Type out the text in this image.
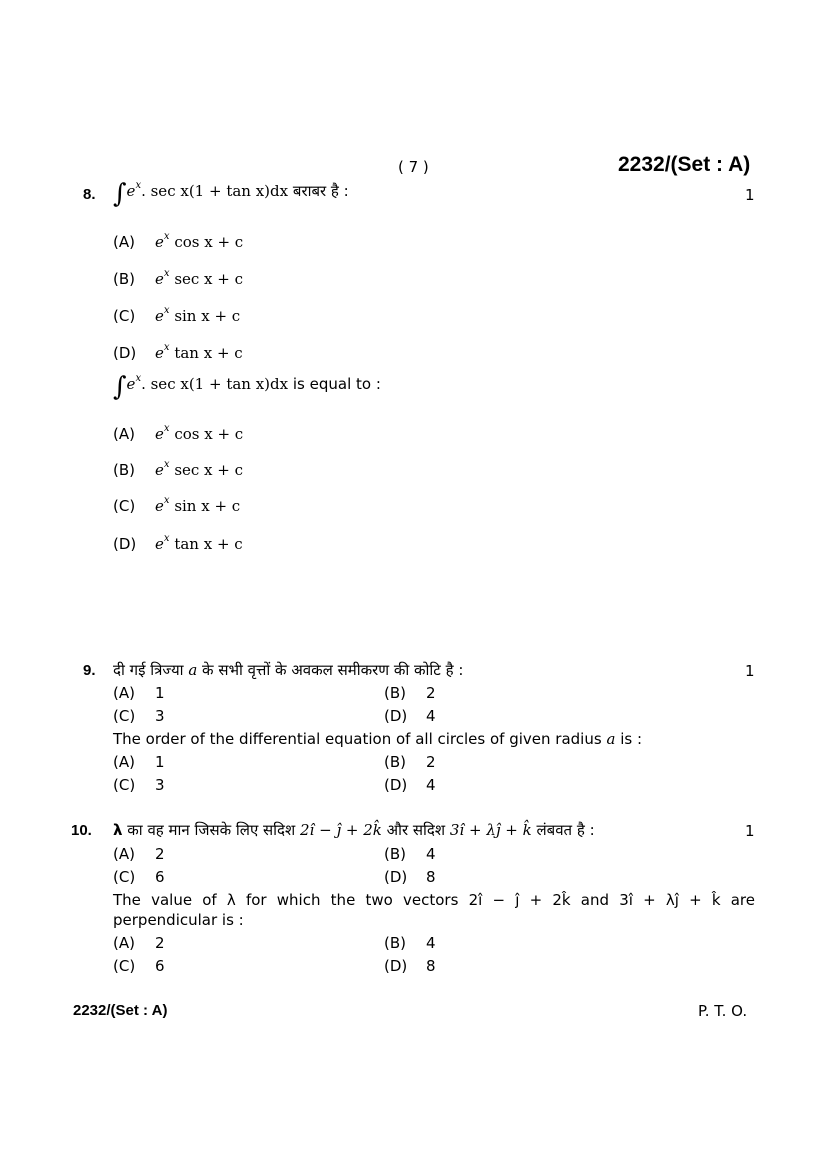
( 7 )	2232/(Set : A)
8. $\int e^x$. sec x(1 + tan x)dx बराबर है :	1
(A) $e^x$ cos x + c
(B) $e^x$ sec x + c
(C) $e^x$ sin x + c
(D) $e^x$ tan x + c
$\int e^x$. sec x(1 + tan x)dx is equal to :
(A) $e^x$ cos x + c
(B) $e^x$ sec x + c
(C) $e^x$ sin x + c
(D) $e^x$ tan x + c
9. दी गई त्रिज्या a के सभी वृत्तों के अवकल समीकरण की कोटि है :	1
(A) 1	(B) 2
(C) 3	(D) 4
The order of the differential equation of all circles of given radius a is :
(A) 1	(B) 2
(C) 3	(D) 4
10. λ का वह मान जिसके लिए सदिश 2î − ĵ + 2k̂ और सदिश 3î + λĵ + k̂ लंबवत है :	1
(A) 2	(B) 4
(C) 6	(D) 8
The value of λ for which the two vectors 2î − ĵ + 2k̂ and 3î + λĵ + k̂ are
perpendicular is :
(A) 2	(B) 4
(C) 6	(D) 8
2232/(Set : A)	P. T. O.
